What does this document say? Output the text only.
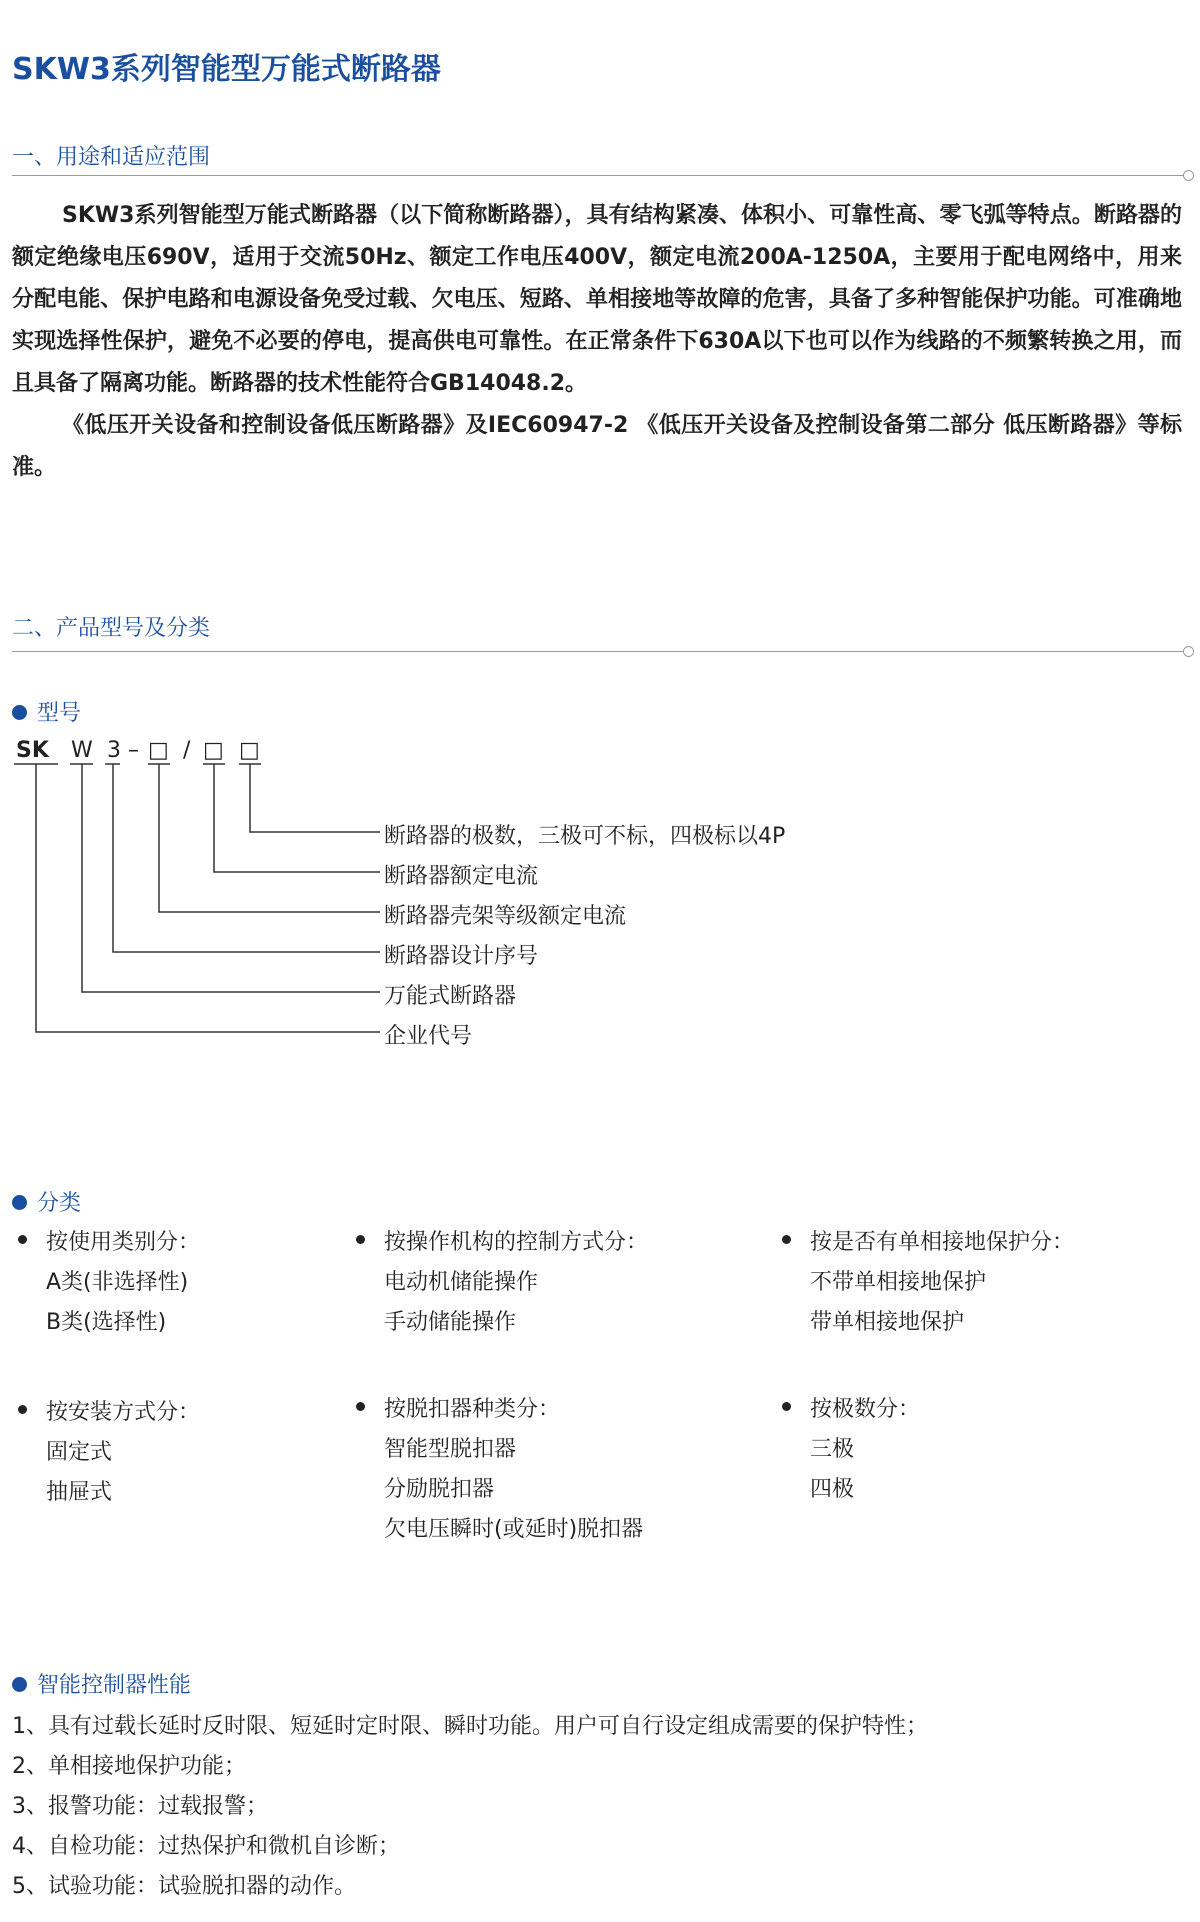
SKW3系列智能型万能式断路器
一、用途和适应范围
SKW3系列智能型万能式断路器（以下简称断路器），具有结构紧凑、体积小、可靠性高、零飞弧等特点。断路器的额定绝缘电压690V，适用于交流50Hz、额定工作电压400V，额定电流200A-1250A，主要用于配电网络中，用来分配电能、保护电路和电源设备免受过载、欠电压、短路、单相接地等故障的危害，具备了多种智能保护功能。可准确地实现选择性保护，避免不必要的停电，提高供电可靠性。在正常条件下630A以下也可以作为线路的不频繁转换之用，而且具备了隔离功能。断路器的技术性能符合GB14048.2。
《低压开关设备和控制设备低压断路器》及IEC60947-2 《低压开关设备及控制设备第二部分 低压断路器》等标准。
二、产品型号及分类
型号
SK W 3 – □ / □ □
断路器的极数，三极可不标，四极标以4P
断路器额定电流
断路器壳架等级额定电流
断路器设计序号
万能式断路器
企业代号
分类
按使用类别分：
A类(非选择性)
B类(选择性)
按操作机构的控制方式分：
电动机储能操作
手动储能操作
按是否有单相接地保护分：
不带单相接地保护
带单相接地保护
按安装方式分：
固定式
抽屉式
按脱扣器种类分：
智能型脱扣器
分励脱扣器
欠电压瞬时(或延时)脱扣器
按极数分：
三极
四极
智能控制器性能
1、具有过载长延时反时限、短延时定时限、瞬时功能。用户可自行设定组成需要的保护特性；
2、单相接地保护功能；
3、报警功能：过载报警；
4、自检功能：过热保护和微机自诊断；
5、试验功能：试验脱扣器的动作。
